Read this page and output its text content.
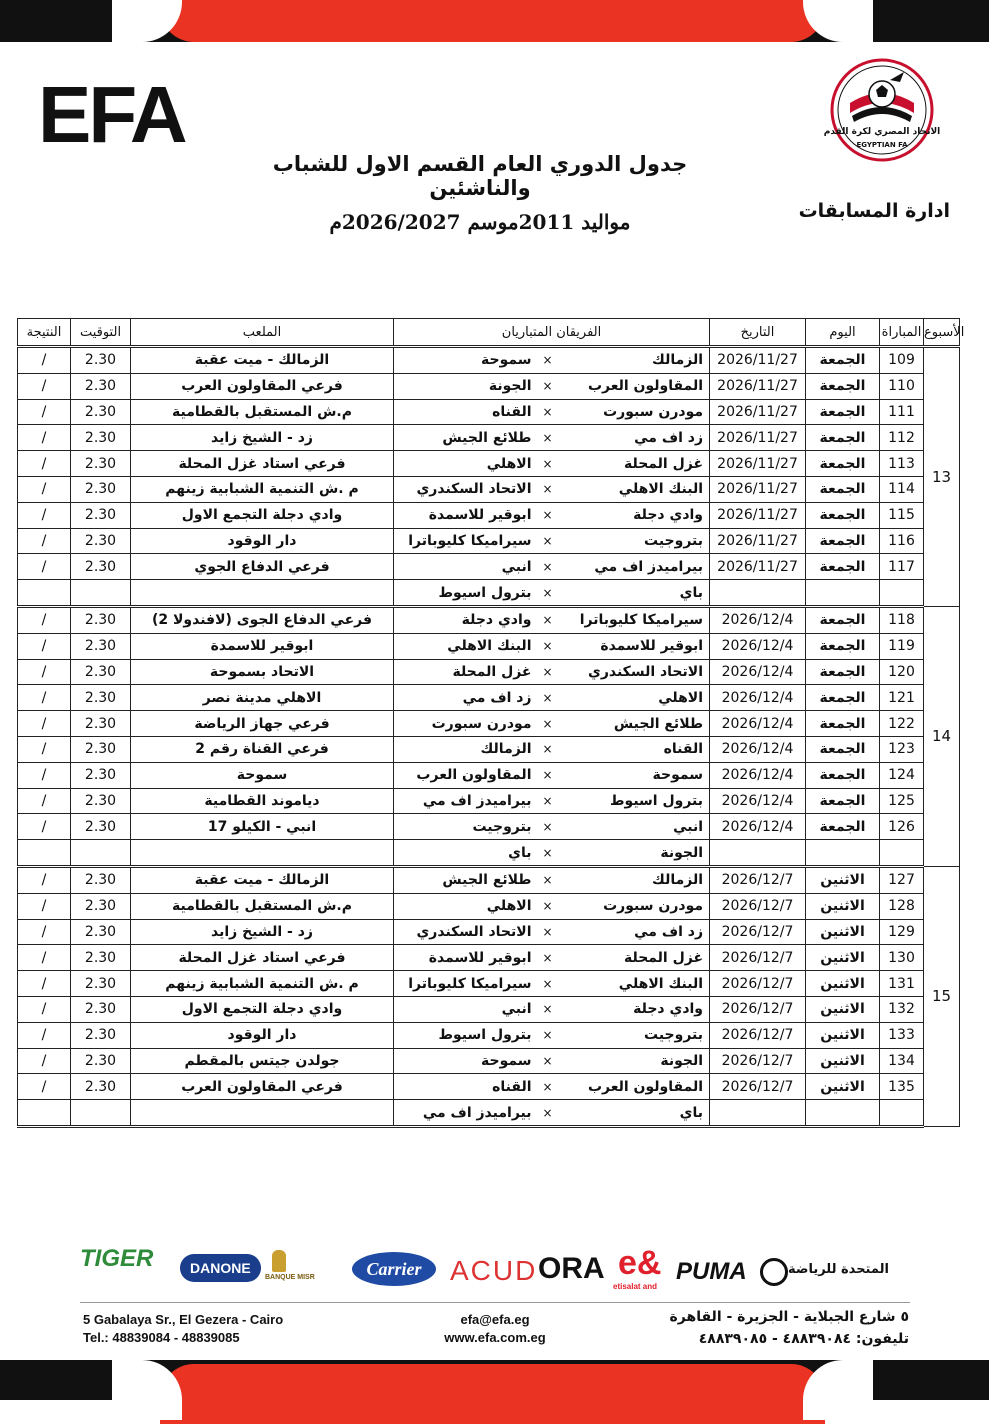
EFA	الاتحاد المصري لكرة القدم
EGYPTIAN FA
جدول الدوري العام القسم الاول للشباب والناشئين
مواليد 2011موسم 2026/2027م	ادارة المسابقات
النتيجة	التوقيت	الملعب	الفريقان المتباريان			التاريخ	اليوم	المباراة	الأسبوع
/	2.30	الزمالك - ميت عقبة	سموحة	×	الزمالك	2026/11/27	الجمعة	109	13
/	2.30	فرعي المقاولون العرب	الجونة	×	المقاولون العرب	2026/11/27	الجمعة	110	
/	2.30	م.ش المستقبل بالقطامية	القناه	×	مودرن سبورت	2026/11/27	الجمعة	111	
/	2.30	زد - الشيخ زايد	طلائع الجيش	×	زد اف مي	2026/11/27	الجمعة	112	
/	2.30	فرعي استاد غزل المحلة	الاهلي	×	غزل المحلة	2026/11/27	الجمعة	113	
/	2.30	م .ش التنمية الشبابية زينهم	الاتحاد السكندري	×	البنك الاهلي	2026/11/27	الجمعة	114	
/	2.30	وادي دجلة التجمع الاول	ابوقير للاسمدة	×	وادي دجلة	2026/11/27	الجمعة	115	
/	2.30	دار الوقود	سيراميكا كليوباترا	×	بتروجيت	2026/11/27	الجمعة	116	
/	2.30	فرعي الدفاع الجوي	انبي	×	بيراميدز اف مي	2026/11/27	الجمعة	117	
			بترول اسيوط	×	باي				
/	2.30	فرعي الدفاع الجوى (لافندولا 2)	وادي دجلة	×	سيراميكا كليوباترا	2026/12/4	الجمعة	118	14
/	2.30	ابوقير للاسمدة	البنك الاهلي	×	ابوقير للاسمدة	2026/12/4	الجمعة	119	
/	2.30	الاتحاد بسموحة	غزل المحلة	×	الاتحاد السكندري	2026/12/4	الجمعة	120	
/	2.30	الاهلي مدينة نصر	زد اف مي	×	الاهلي	2026/12/4	الجمعة	121	
/	2.30	فرعي جهاز الرياضة	مودرن سبورت	×	طلائع الجيش	2026/12/4	الجمعة	122	
/	2.30	فرعي القناة رقم 2	الزمالك	×	القناه	2026/12/4	الجمعة	123	
/	2.30	سموحة	المقاولون العرب	×	سموحة	2026/12/4	الجمعة	124	
/	2.30	دياموند القطامية	بيراميدز اف مي	×	بترول اسيوط	2026/12/4	الجمعة	125	
/	2.30	انبي - الكيلو 17	بتروجيت	×	انبي	2026/12/4	الجمعة	126	
			باي	×	الجونة				
/	2.30	الزمالك - ميت عقبة	طلائع الجيش	×	الزمالك	2026/12/7	الاثنين	127	15
/	2.30	م.ش المستقبل بالقطامية	الاهلي	×	مودرن سبورت	2026/12/7	الاثنين	128	
/	2.30	زد - الشيخ زايد	الاتحاد السكندري	×	زد اف مي	2026/12/7	الاثنين	129	
/	2.30	فرعي استاد غزل المحلة	ابوقير للاسمدة	×	غزل المحلة	2026/12/7	الاثنين	130	
/	2.30	م .ش التنمية الشبابية زينهم	سيراميكا كليوباترا	×	البنك الاهلي	2026/12/7	الاثنين	131	
/	2.30	وادي دجلة التجمع الاول	انبي	×	وادي دجلة	2026/12/7	الاثنين	132	
/	2.30	دار الوقود	بترول اسيوط	×	بتروجيت	2026/12/7	الاثنين	133	
/	2.30	جولدن جيتس بالمقطم	سموحة	×	الجونة	2026/12/7	الاثنين	134	
/	2.30	فرعي المقاولون العرب	القناه	×	المقاولون العرب	2026/12/7	الاثنين	135	
			بيراميدز اف مي	×	باي				
TIGER	DANONE
BANQUE MISR	Carrier	ACUD ORA e&
etisalat and
PUMA	المتحدة للرياضة
5 Gabalaya Sr., El Gezera - Cairo
Tel.: 48839084 - 48839085
efa@efa.eg
www.efa.com.eg
٥ شارع الجبلاية - الجزيرة - القاهرة
تليفون: ٤٨٨٣٩٠٨٤ - ٤٨٨٣٩٠٨٥
